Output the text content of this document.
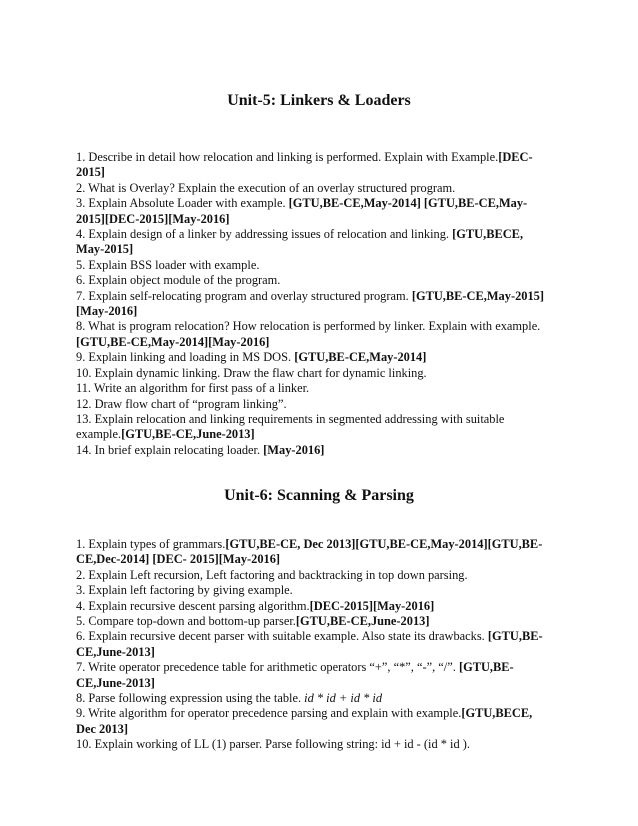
Unit-5: Linkers & Loaders

1. Describe in detail how relocation and linking is performed. Explain with Example.[DEC-2015]

2. What is Overlay? Explain the execution of an overlay structured program.

3. Explain Absolute Loader with example. [GTU,BE-CE,May-2014] [GTU,BE-CE,May-2015][DEC-2015][May-2016]

4. Explain design of a linker by addressing issues of relocation and linking. [GTU,BECE, May-2015]

5. Explain BSS loader with example.

6. Explain object module of the program.

7. Explain self-relocating program and overlay structured program. [GTU,BE-CE,May-2015][May-2016]

8. What is program relocation? How relocation is performed by linker. Explain with example. [GTU,BE-CE,May-2014][May-2016]

9. Explain linking and loading in MS DOS. [GTU,BE-CE,May-2014]

10. Explain dynamic linking. Draw the flaw chart for dynamic linking.

11. Write an algorithm for first pass of a linker.

12. Draw flow chart of “program linking”.

13. Explain relocation and linking requirements in segmented addressing with suitable example.[GTU,BE-CE,June-2013]

14. In brief explain relocating loader. [May-2016]

Unit-6: Scanning & Parsing

1. Explain types of grammars.[GTU,BE-CE, Dec 2013][GTU,BE-CE,May-2014][GTU,BE-CE,Dec-2014] [DEC- 2015][May-2016]

2. Explain Left recursion, Left factoring and backtracking in top down parsing.

3. Explain left factoring by giving example.

4. Explain recursive descent parsing algorithm.[DEC-2015][May-2016]

5. Compare top-down and bottom-up parser.[GTU,BE-CE,June-2013]

6. Explain recursive decent parser with suitable example. Also state its drawbacks. [GTU,BE-CE,June-2013]

7. Write operator precedence table for arithmetic operators “+”, “*”, “-”, “/”. [GTU,BE-CE,June-2013]

8. Parse following expression using the table. id * id + id * id

9. Write algorithm for operator precedence parsing and explain with example.[GTU,BECE, Dec 2013]

10. Explain working of LL (1) parser. Parse following string: id + id - (id * id ).
